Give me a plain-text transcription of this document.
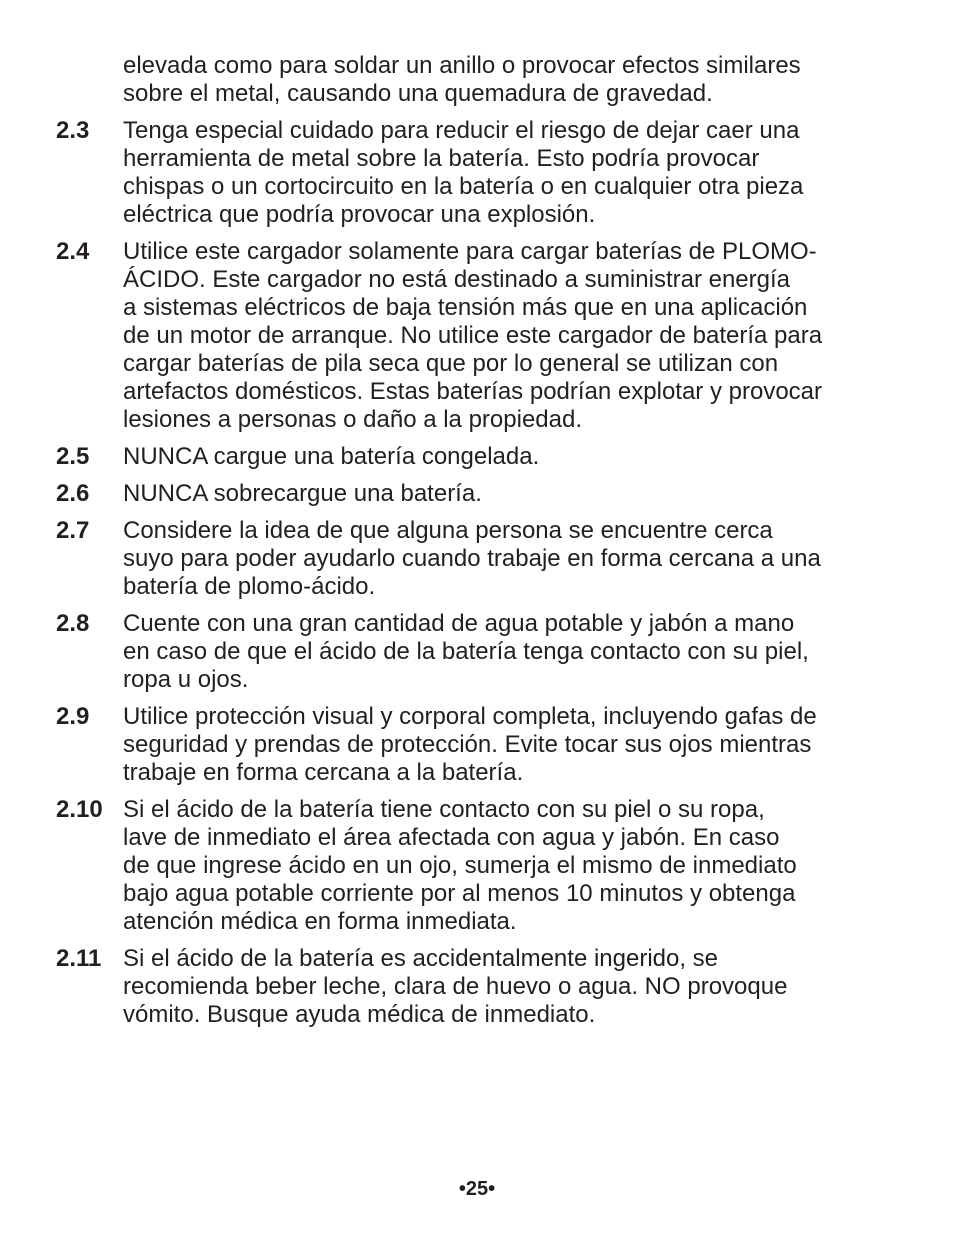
elevada como para soldar un anillo o provocar efectos similares
sobre el metal, causando una quemadura de gravedad.
2.3	Tenga especial cuidado para reducir el riesgo de dejar caer una
herramienta de metal sobre la batería. Esto podría provocar
chispas o un cortocircuito en la batería o en cualquier otra pieza
eléctrica que podría provocar una explosión.
2.4	Utilice este cargador solamente para cargar baterías de PLOMO-
ÁCIDO. Este cargador no está destinado a suministrar energía
a sistemas eléctricos de baja tensión más que en una aplicación
de un motor de arranque. No utilice este cargador de batería para
cargar baterías de pila seca que por lo general se utilizan con
artefactos domésticos. Estas baterías podrían explotar y provocar
lesiones a personas o daño a la propiedad.
2.5	NUNCA cargue una batería congelada.
2.6	NUNCA sobrecargue una batería.
2.7	Considere la idea de que alguna persona se encuentre cerca
suyo para poder ayudarlo cuando trabaje en forma cercana a una
batería de plomo-ácido.
2.8	Cuente con una gran cantidad de agua potable y jabón a mano
en caso de que el ácido de la batería tenga contacto con su piel,
ropa u ojos.
2.9	Utilice protección visual y corporal completa, incluyendo gafas de
seguridad y prendas de protección. Evite tocar sus ojos mientras
trabaje en forma cercana a la batería.
2.10 Si el ácido de la batería tiene contacto con su piel o su ropa,
lave de inmediato el área afectada con agua y jabón. En caso
de que ingrese ácido en un ojo, sumerja el mismo de inmediato
bajo agua potable corriente por al menos 10 minutos y obtenga
atención médica en forma inmediata.
2.11 Si el ácido de la batería es accidentalmente ingerido, se
recomienda beber leche, clara de huevo o agua. NO provoque
vómito. Busque ayuda médica de inmediato.
•25•
